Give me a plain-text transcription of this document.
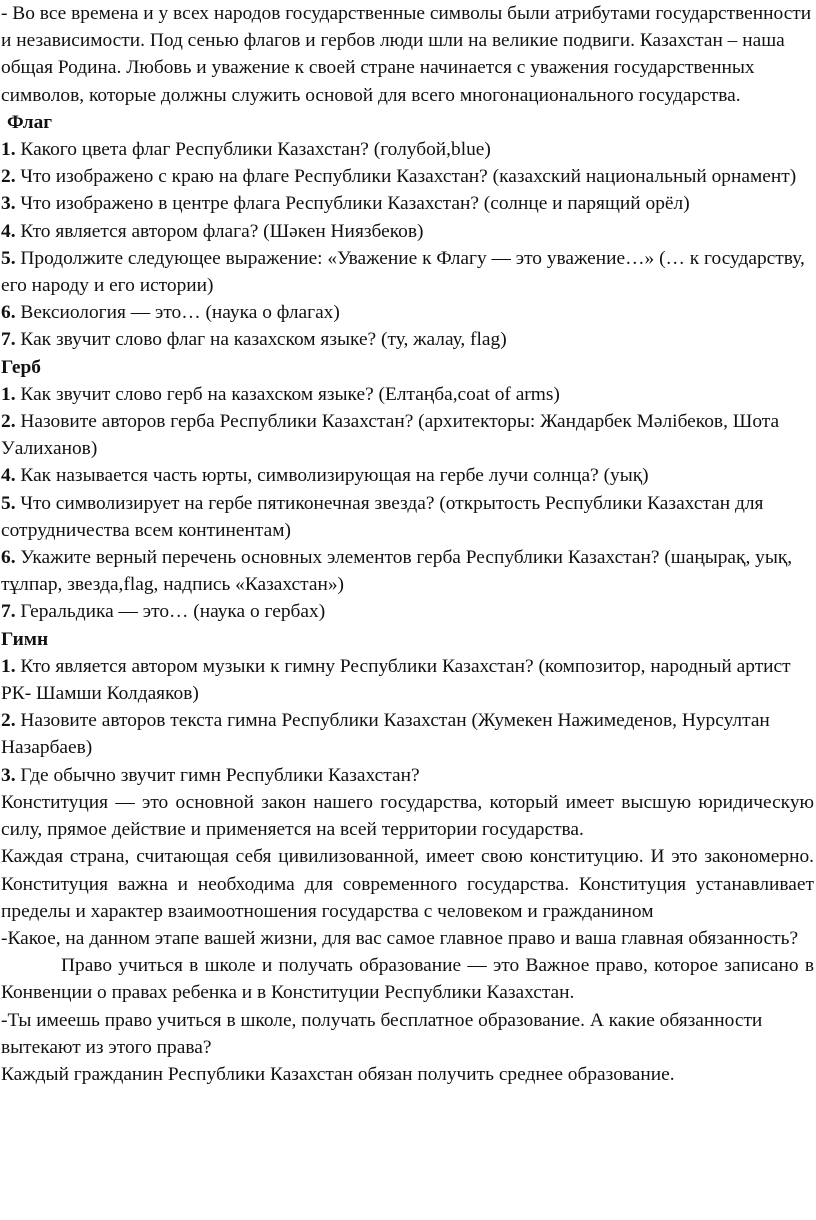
- Во все времена и у всех народов государственные символы были атрибутами государственности и независимости. Под сенью флагов и гербов люди шли на великие подвиги. Казахстан – наша общая Родина. Любовь и уважение к своей стране начинается с уважения государственных символов, которые должны служить основой для всего многонационального государства.

Флаг

1. Какого цвета флаг Республики Казахстан? (голубой,blue)

2. Что изображено с краю на флаге Республики Казахстан? (казахский национальный орнамент)

3. Что изображено в центре флага Республики Казахстан? (солнце и парящий орёл)

4. Кто является автором флага? (Шәкен Ниязбеков)

5. Продолжите следующее выражение: «Уважение к Флагу — это уважение…» (… к государству, его народу и его истории)

6. Вексиология — это… (наука о флагах)

7. Как звучит слово флаг на казахском языке? (ту, жалау, flag)

Герб

1. Как звучит слово герб на казахском языке? (Елтаңба,coat of arms)

2. Назовите авторов герба Республики Казахстан? (архитекторы: Жандарбек Мәлібеков, Шота Уалиханов)

4. Как называется часть юрты, символизирующая на гербе лучи солнца? (уық)

5. Что символизирует на гербе пятиконечная звезда? (открытость Республики Казахстан для сотрудничества всем континентам)

6. Укажите верный перечень основных элементов герба Республики Казахстан? (шаңырақ, уық, тұлпар, звезда,flag, надпись «Казахстан»)

7. Геральдика — это… (наука о гербах)

Гимн

1. Кто является автором музыки к гимну Республики Казахстан? (композитор, народный артист РК- Шамши Колдаяков)

2. Назовите авторов текста гимна Республики Казахстан (Жумекен Нажимеденов, Нурсултан Назарбаев)

3. Где обычно звучит гимн Республики Казахстан?

Конституция — это основной закон нашего государства, который имеет высшую юридическую силу, прямое действие и применяется на всей территории государства.

Каждая страна, считающая себя цивилизованной, имеет свою конституцию. И это закономерно. Конституция важна и необходима для современного государства. Конституция устанавливает пределы и характер взаимоотношения государства с человеком и гражданином

-Какое, на данном этапе вашей жизни, для вас самое главное право и ваша главная обязанность?

Право учиться в школе и получать образование — это Важное право, которое записано в Конвенции о правах ребенка и в Конституции Республики Казахстан.

-Ты имеешь право учиться в школе, получать бесплатное образование. А какие обязанности вытекают из этого права?

Каждый гражданин Республики Казахстан обязан получить среднее образование.
